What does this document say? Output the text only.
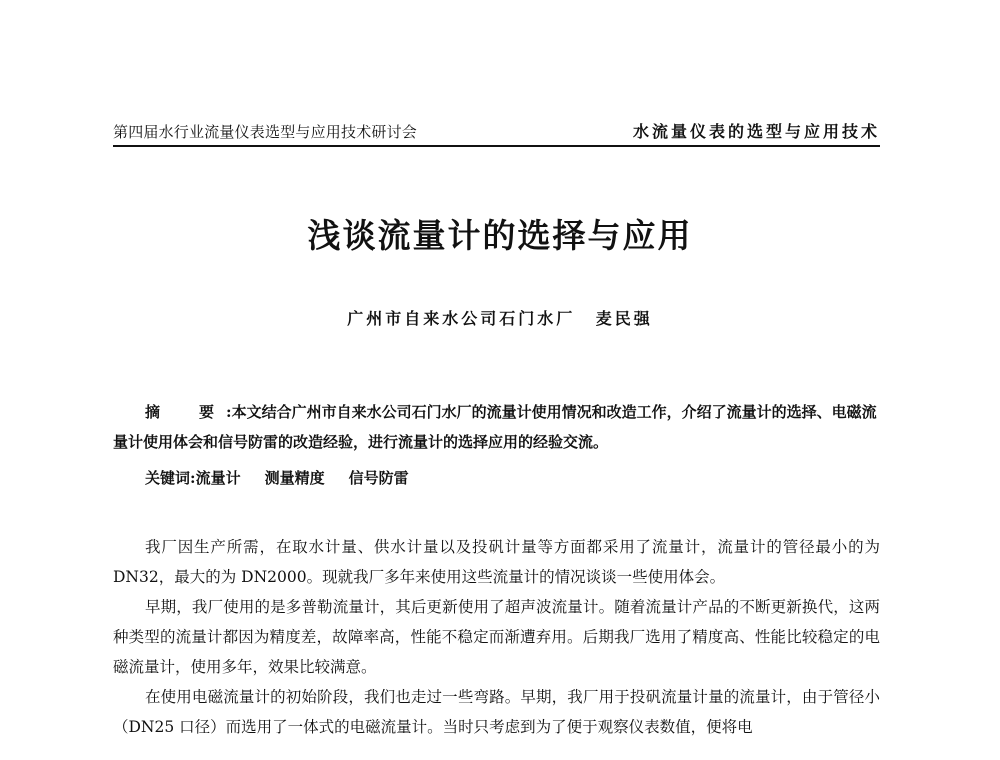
第四届水行业流量仪表选型与应用技术研讨会	水流量仪表的选型与应用技术
浅谈流量计的选择与应用
广州市自来水公司石门水厂 麦民强
摘　要:本文结合广州市自来水公司石门水厂的流量计使用情况和改造工作，介绍了流量计的选择、电磁流量计使用体会和信号防雷的改造经验，进行流量计的选择应用的经验交流。
关键词:流量计 测量精度 信号防雷

我厂因生产所需，在取水计量、供水计量以及投矾计量等方面都采用了流量计，流量计的管径最小的为 DN32，最大的为 DN2000。现就我厂多年来使用这些流量计的情况谈谈一些使用体会。

早期，我厂使用的是多普勒流量计，其后更新使用了超声波流量计。随着流量计产品的不断更新换代，这两种类型的流量计都因为精度差，故障率高，性能不稳定而渐遭弃用。后期我厂选用了精度高、性能比较稳定的电磁流量计，使用多年，效果比较满意。

在使用电磁流量计的初始阶段，我们也走过一些弯路。早期，我厂用于投矾流量计量的流量计，由于管径小（DN25 口径）而选用了一体式的电磁流量计。当时只考虑到为了便于观察仪表数值，便将电
